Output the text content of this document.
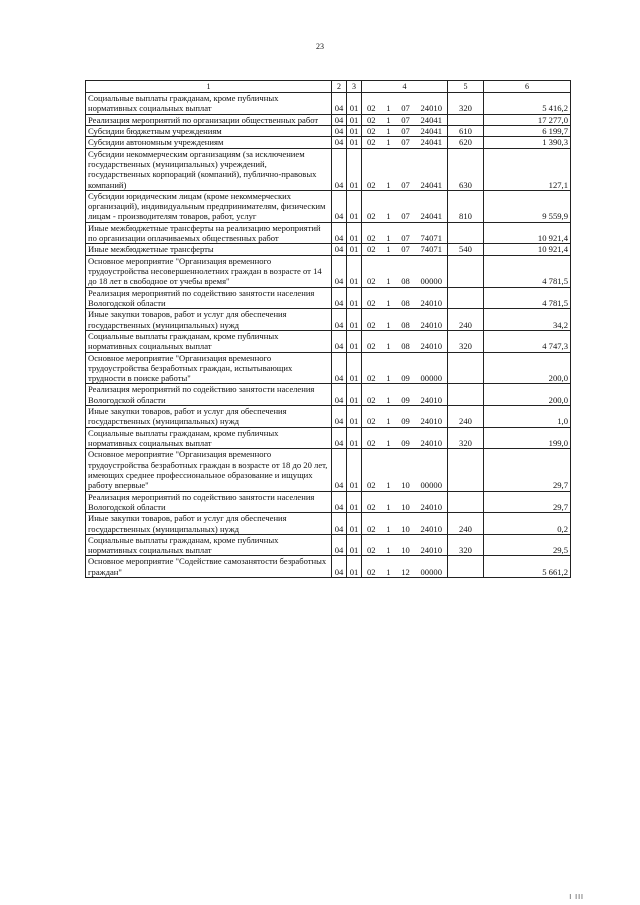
23
1	2	3	4	5	6
Социальные выплаты гражданам, кроме публичных нормативных социальных выплат	04	01	02 1 07 24010	320	5 416,2
Реализация мероприятий по организации общественных работ	04	01	02 1 07 24041		17 277,0
Субсидии бюджетным учреждениям	04	01	02 1 07 24041	610	6 199,7
Субсидии автономным учреждениям	04	01	02 1 07 24041	620	1 390,3
Субсидии некоммерческим организациям (за исключением государственных (муниципальных) учреждений, государственных корпораций (компаний), публично-правовых компаний)	04	01	02 1 07 24041	630	127,1
Субсидии юридическим лицам (кроме некоммерческих организаций), индивидуальным предпринимателям, физическим лицам - производителям товаров, работ, услуг	04	01	02 1 07 24041	810	9 559,9
Иные межбюджетные трансферты на реализацию мероприятий по организации оплачиваемых общественных работ	04	01	02 1 07 74071		10 921,4
Иные межбюджетные трансферты	04	01	02 1 07 74071	540	10 921,4
Основное мероприятие "Организация временного трудоустройства несовершеннолетних граждан в возрасте от 14 до 18 лет в свободное от учебы время"	04	01	02 1 08 00000		4 781,5
Реализация мероприятий по содействию занятости населения Вологодской области	04	01	02 1 08 24010		4 781,5
Иные закупки товаров, работ и услуг для обеспечения государственных (муниципальных) нужд	04	01	02 1 08 24010	240	34,2
Социальные выплаты гражданам, кроме публичных нормативных социальных выплат	04	01	02 1 08 24010	320	4 747,3
Основное мероприятие "Организация временного трудоустройства безработных граждан, испытывающих трудности в поиске работы"	04	01	02 1 09 00000		200,0
Реализация мероприятий по содействию занятости населения Вологодской области	04	01	02 1 09 24010		200,0
Иные закупки товаров, работ и услуг для обеспечения государственных (муниципальных) нужд	04	01	02 1 09 24010	240	1,0
Социальные выплаты гражданам, кроме публичных нормативных социальных выплат	04	01	02 1 09 24010	320	199,0
Основное мероприятие "Организация временного трудоустройства безработных граждан в возрасте от 18 до 20 лет, имеющих среднее профессиональное образование и ищущих работу впервые"	04	01	02 1 10 00000		29,7
Реализация мероприятий по содействию занятости населения Вологодской области	04	01	02 1 10 24010		29,7
Иные закупки товаров, работ и услуг для обеспечения государственных (муниципальных) нужд	04	01	02 1 10 24010	240	0,2
Социальные выплаты гражданам, кроме публичных нормативных социальных выплат	04	01	02 1 10 24010	320	29,5
Основное мероприятие "Содействие самозанятости безработных граждан"	04	01	02 1 12 00000		5 661,2
I III
